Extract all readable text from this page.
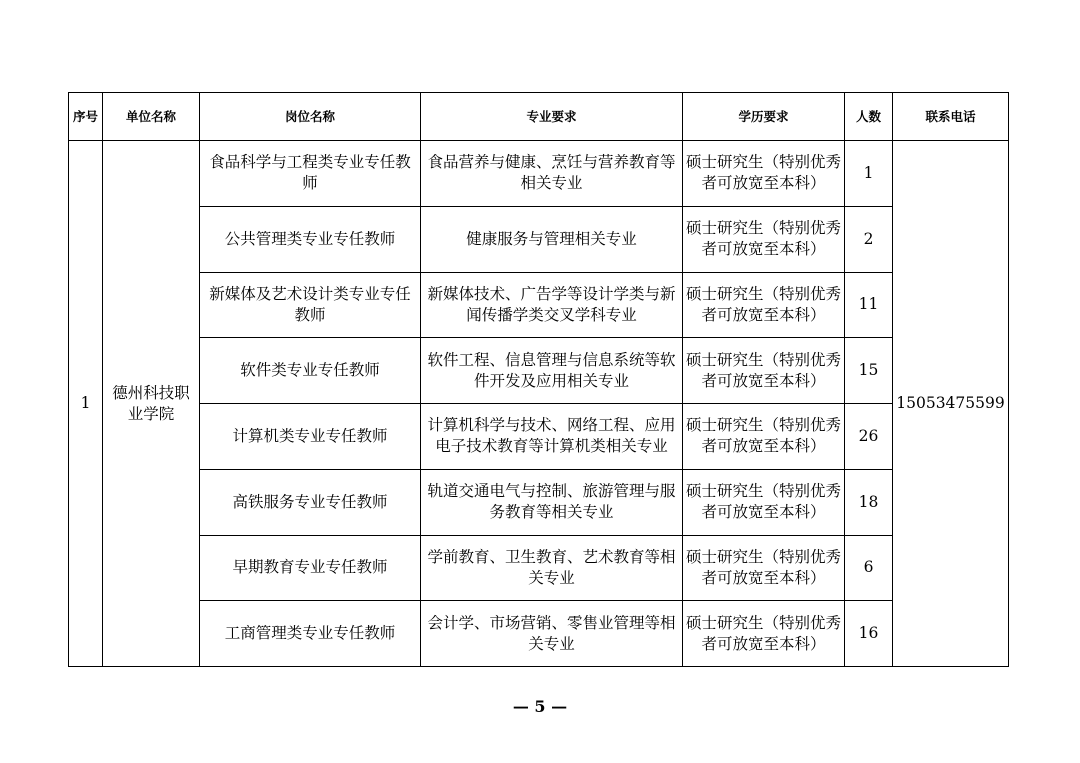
序号	单位名称	岗位名称	专业要求	学历要求	人数	联系电话
1	德州科技职业学院	食品科学与工程类专业专任教师	食品营养与健康、烹饪与营养教育等相关专业	硕士研究生（特别优秀者可放宽至本科）	1	15053475599
		公共管理类专业专任教师	健康服务与管理相关专业	硕士研究生（特别优秀者可放宽至本科）	2	
		新媒体及艺术设计类专业专任教师	新媒体技术、广告学等设计学类与新闻传播学类交叉学科专业	硕士研究生（特别优秀者可放宽至本科）	11	
		软件类专业专任教师	软件工程、信息管理与信息系统等软件开发及应用相关专业	硕士研究生（特别优秀者可放宽至本科）	15	
		计算机类专业专任教师	计算机科学与技术、网络工程、应用电子技术教育等计算机类相关专业	硕士研究生（特别优秀者可放宽至本科）	26	
		高铁服务专业专任教师	轨道交通电气与控制、旅游管理与服务教育等相关专业	硕士研究生（特别优秀者可放宽至本科）	18	
		早期教育专业专任教师	学前教育、卫生教育、艺术教育等相关专业	硕士研究生（特别优秀者可放宽至本科）	6	
		工商管理类专业专任教师	会计学、市场营销、零售业管理等相关专业	硕士研究生（特别优秀者可放宽至本科）	16	
— 5 —
